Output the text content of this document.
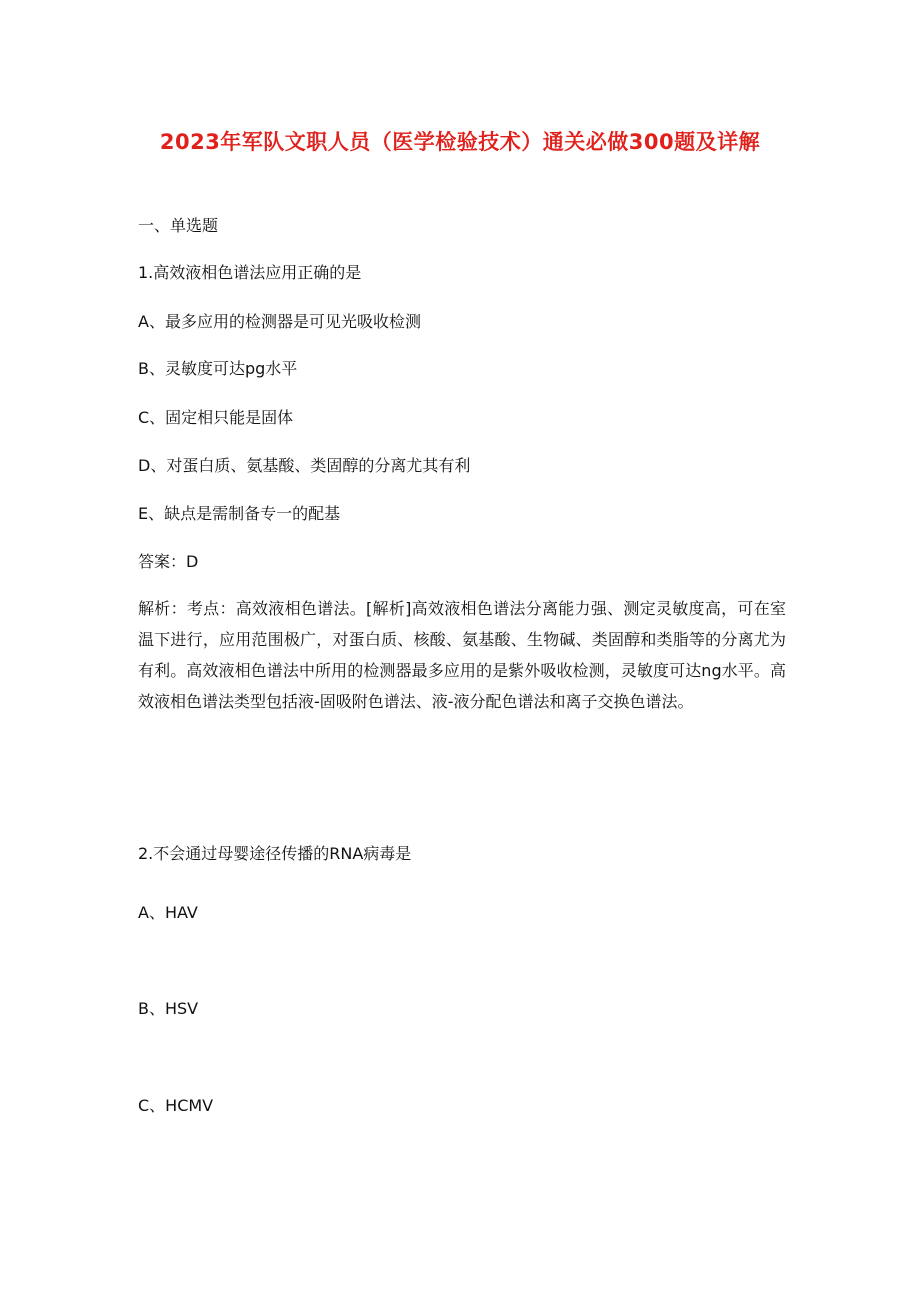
2023年军队文职人员（医学检验技术）通关必做300题及详解
一、单选题
1.高效液相色谱法应用正确的是
A、最多应用的检测器是可见光吸收检测
B、灵敏度可达pg水平
C、固定相只能是固体
D、对蛋白质、氨基酸、类固醇的分离尤其有利
E、缺点是需制备专一的配基
答案：D

解析：考点：高效液相色谱法。[解析]高效液相色谱法分离能力强、测定灵敏度高，可在室温下进行，应用范围极广，对蛋白质、核酸、氨基酸、生物碱、类固醇和类脂等的分离尤为有利。高效液相色谱法中所用的检测器最多应用的是紫外吸收检测，灵敏度可达ng水平。高效液相色谱法类型包括液-固吸附色谱法、液-液分配色谱法和离子交换色谱法。

2.不会通过母婴途径传播的RNA病毒是
A、HAV
B、HSV
C、HCMV
